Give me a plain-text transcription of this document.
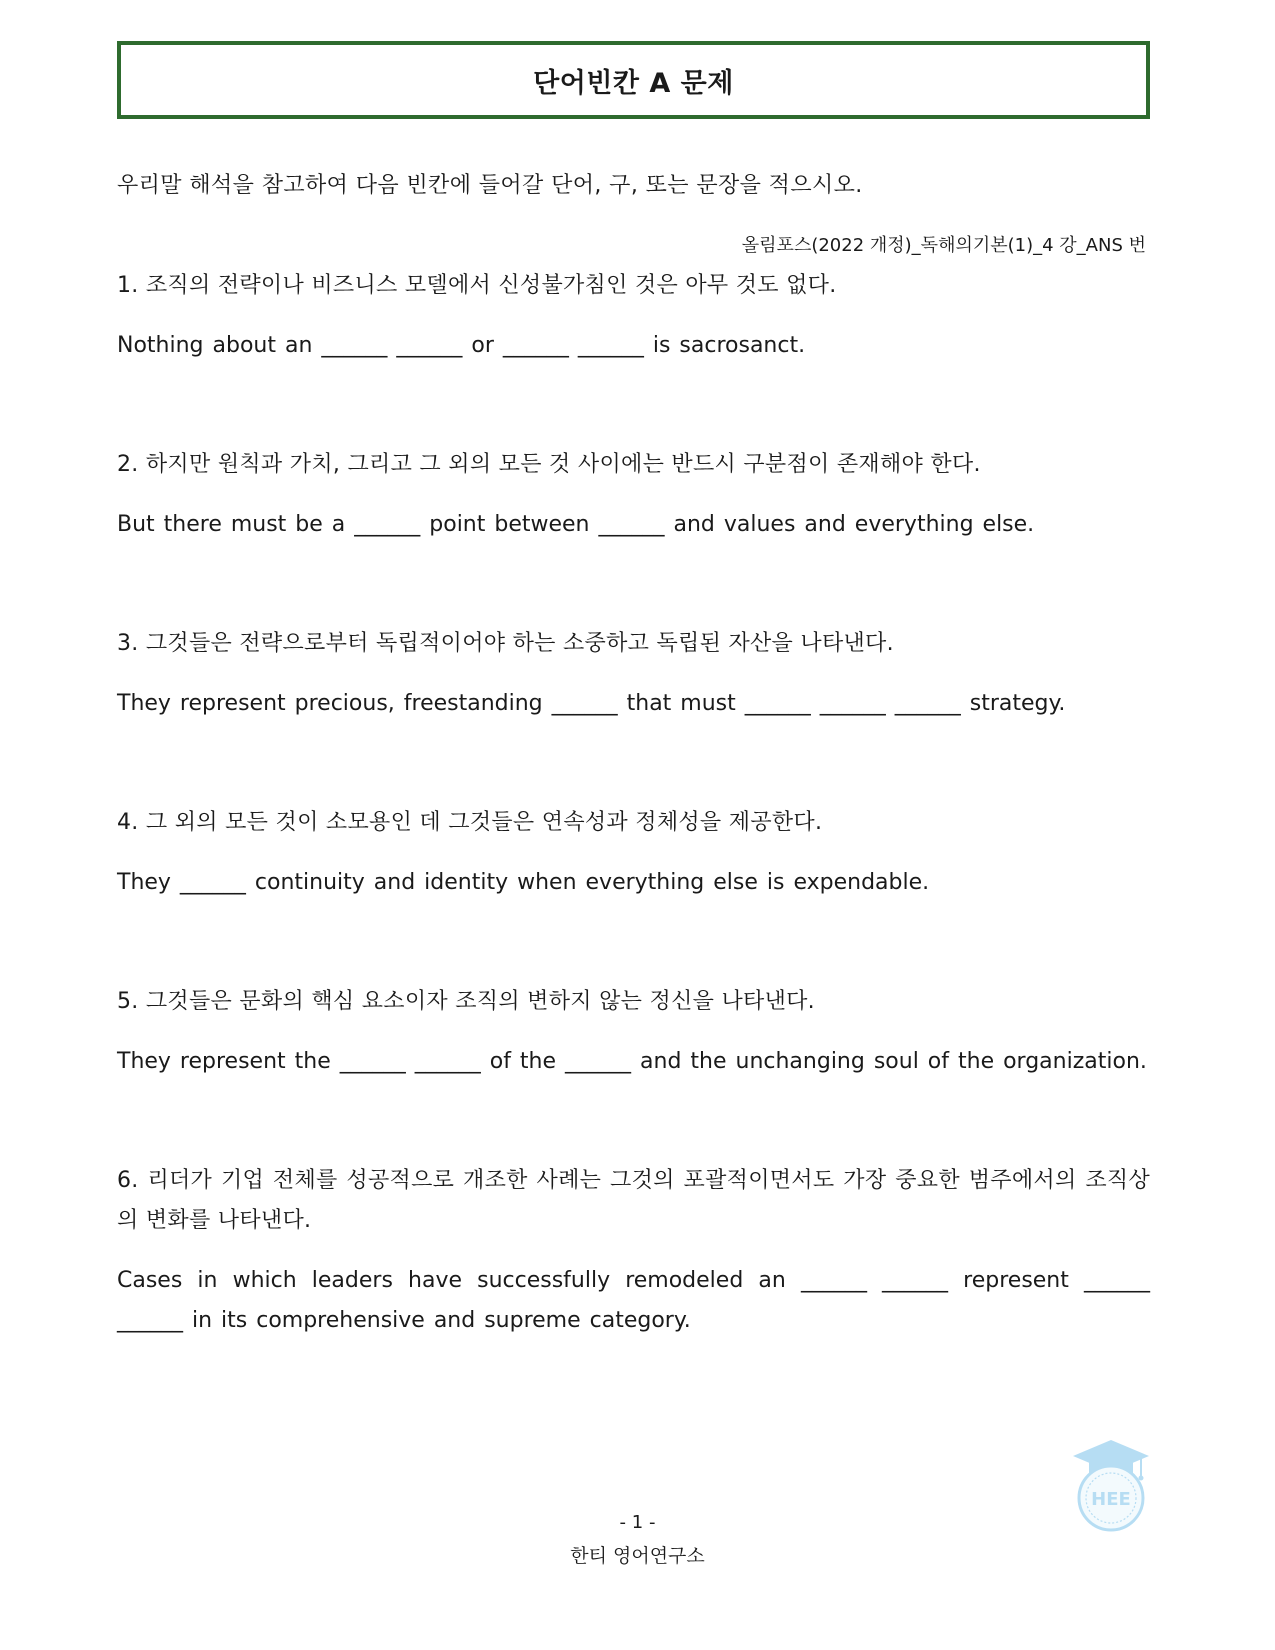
단어빈칸 A 문제
우리말 해석을 참고하여 다음 빈칸에 들어갈 단어, 구, 또는 문장을 적으시오.
올림포스(2022 개정)_독해의기본(1)_4 강_ANS 번
1. 조직의 전략이나 비즈니스 모델에서 신성불가침인 것은 아무 것도 없다.
Nothing about an ______ ______ or ______ ______ is sacrosanct.
2. 하지만 원칙과 가치, 그리고 그 외의 모든 것 사이에는 반드시 구분점이 존재해야 한다.
But there must be a ______ point between ______ and values and everything else.
3. 그것들은 전략으로부터 독립적이어야 하는 소중하고 독립된 자산을 나타낸다.
They represent precious, freestanding ______ that must ______ ______ ______ strategy.
4. 그 외의 모든 것이 소모용인 데 그것들은 연속성과 정체성을 제공한다.
They ______ continuity and identity when everything else is expendable.
5. 그것들은 문화의 핵심 요소이자 조직의 변하지 않는 정신을 나타낸다.
They represent the ______ ______ of the ______ and the unchanging soul of the organization.
6. 리더가 기업 전체를 성공적으로 개조한 사례는 그것의 포괄적이면서도 가장 중요한 범주에서의 조직상의 변화를 나타낸다.
Cases in which leaders have successfully remodeled an ______ ______ represent ______ ______ in its comprehensive and supreme category.
- 1 -
한티 영어연구소
HEE
